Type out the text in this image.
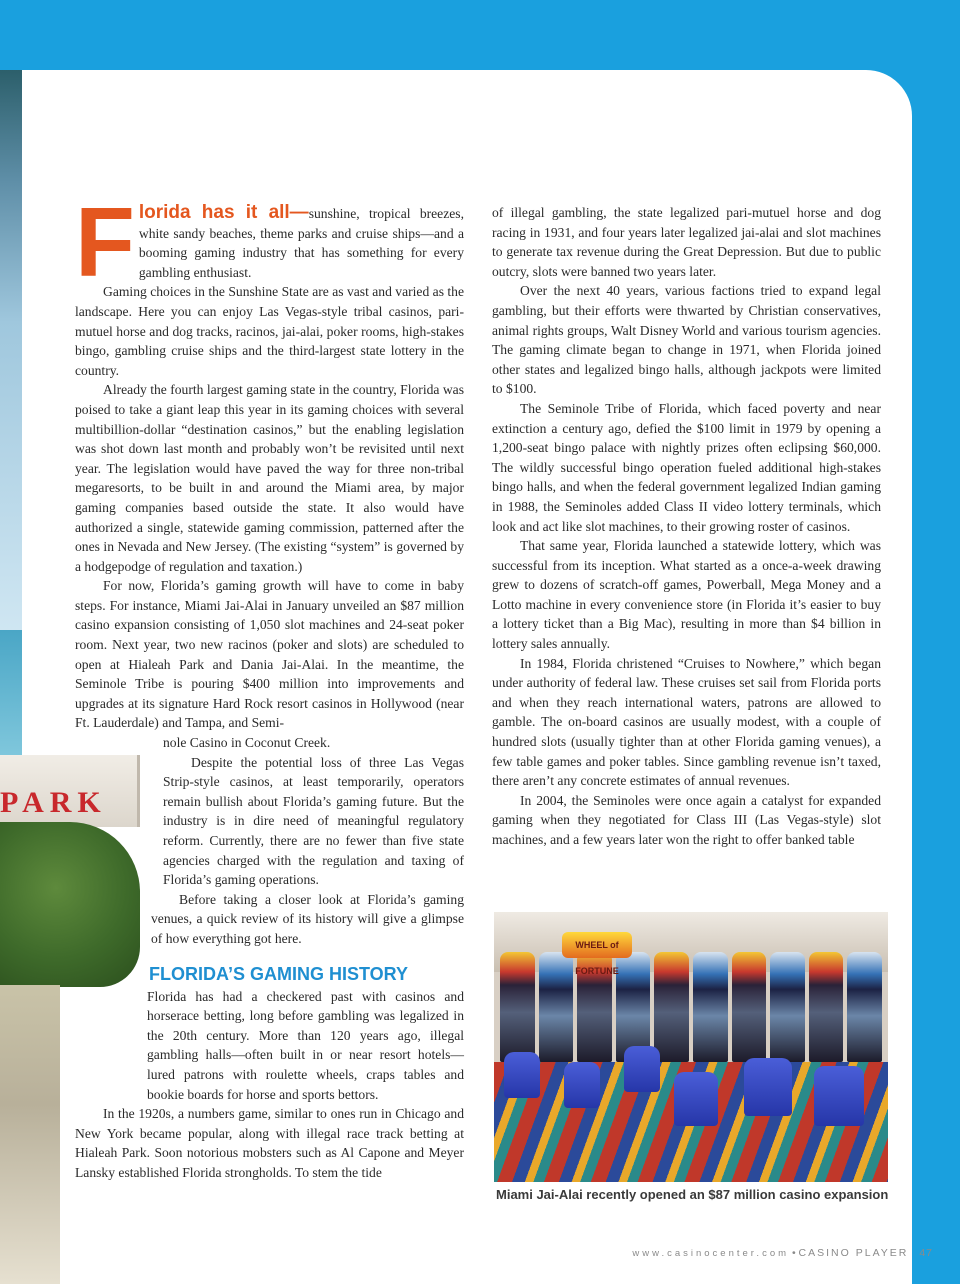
PARK

Florida has it all—sunshine, tropical breezes, white sandy beaches, theme parks and cruise ships—and a booming gaming industry that has something for every gambling enthusiast.

Gaming choices in the Sunshine State are as vast and varied as the landscape. Here you can enjoy Las Vegas-style tribal casinos, pari-mutuel horse and dog tracks, racinos, jai-alai, poker rooms, high-stakes bingo, gambling cruise ships and the third-largest state lottery in the country.

Already the fourth largest gaming state in the country, Florida was poised to take a giant leap this year in its gaming choices with several multibillion-dollar “destination casinos,” but the enabling legislation was shot down last month and probably won’t be revisited until next year. The legislation would have paved the way for three non-tribal megaresorts, to be built in and around the Miami area, by major gaming companies based outside the state. It also would have authorized a single, statewide gaming commission, patterned after the ones in Nevada and New Jersey. (The existing “system” is governed by a hodgepodge of regulation and taxation.)

For now, Florida’s gaming growth will have to come in baby steps. For instance, Miami Jai-Alai in January unveiled an $87 million casino expansion consisting of 1,050 slot machines and 24-seat poker room. Next year, two new racinos (poker and slots) are scheduled to open at Hialeah Park and Dania Jai-Alai. In the meantime, the Seminole Tribe is pouring $400 million into improvements and upgrades at its signature Hard Rock resort casinos in Hollywood (near Ft. Lauderdale) and Tampa, and Semi-

nole Casino in Coconut Creek.

Despite the potential loss of three Las Vegas Strip-style casinos, at least temporarily, operators remain bullish about Florida’s gaming future. But the industry is in dire need of meaningful regulatory reform. Currently, there are no fewer than five state agencies charged with the regulation and taxing of Florida’s gaming operations.

Before taking a closer look at Florida’s gaming venues, a quick review of its history will give a glimpse of how everything got here.

FLORIDA’S GAMING HISTORY

Florida has had a checkered past with casinos and horserace betting, long before gambling was legalized in the 20th century. More than 120 years ago, illegal gambling halls—often built in or near resort hotels—lured patrons with roulette wheels, craps tables and bookie boards for horse and sports bettors.

In the 1920s, a numbers game, similar to ones run in Chicago and New York became popular, along with illegal race track betting at Hialeah Park. Soon notorious mobsters such as Al Capone and Meyer Lansky established Florida strongholds. To stem the tide

of illegal gambling, the state legalized pari-mutuel horse and dog racing in 1931, and four years later legalized jai-alai and slot machines to generate tax revenue during the Great Depression. But due to public outcry, slots were banned two years later.

Over the next 40 years, various factions tried to expand legal gambling, but their efforts were thwarted by Christian conservatives, animal rights groups, Walt Disney World and various tourism agencies. The gaming climate began to change in 1971, when Florida joined other states and legalized bingo halls, although jackpots were limited to $100.

The Seminole Tribe of Florida, which faced poverty and near extinction a century ago, defied the $100 limit in 1979 by opening a 1,200-seat bingo palace with nightly prizes often eclipsing $60,000. The wildly successful bingo operation fueled additional high-stakes bingo halls, and when the federal government legalized Indian gaming in 1988, the Seminoles added Class II video lottery terminals, which look and act like slot machines, to their growing roster of casinos.

That same year, Florida launched a statewide lottery, which was successful from its inception. What started as a once-a-week drawing grew to dozens of scratch-off games, Powerball, Mega Money and a Lotto machine in every convenience store (in Florida it’s easier to buy a lottery ticket than a Big Mac), resulting in more than $4 billion in lottery sales annually.

In 1984, Florida christened “Cruises to Nowhere,” which began under authority of federal law. These cruises set sail from Florida ports and when they reach international waters, patrons are allowed to gamble. The on-board casinos are usually modest, with a couple of hundred slots (usually tighter than at other Florida gaming venues), a few table games and poker tables. Since gambling revenue isn’t taxed, there aren’t any concrete estimates of annual revenues.

In 2004, the Seminoles were once again a catalyst for expanded gaming when they negotiated for Class III (Las Vegas-style) slot machines, and a few years later won the right to offer banked table

WHEEL of FORTUNE
Miami Jai-Alai recently opened an $87 million casino expansion
www.casinocenter.com • CASINO PLAYER 47
